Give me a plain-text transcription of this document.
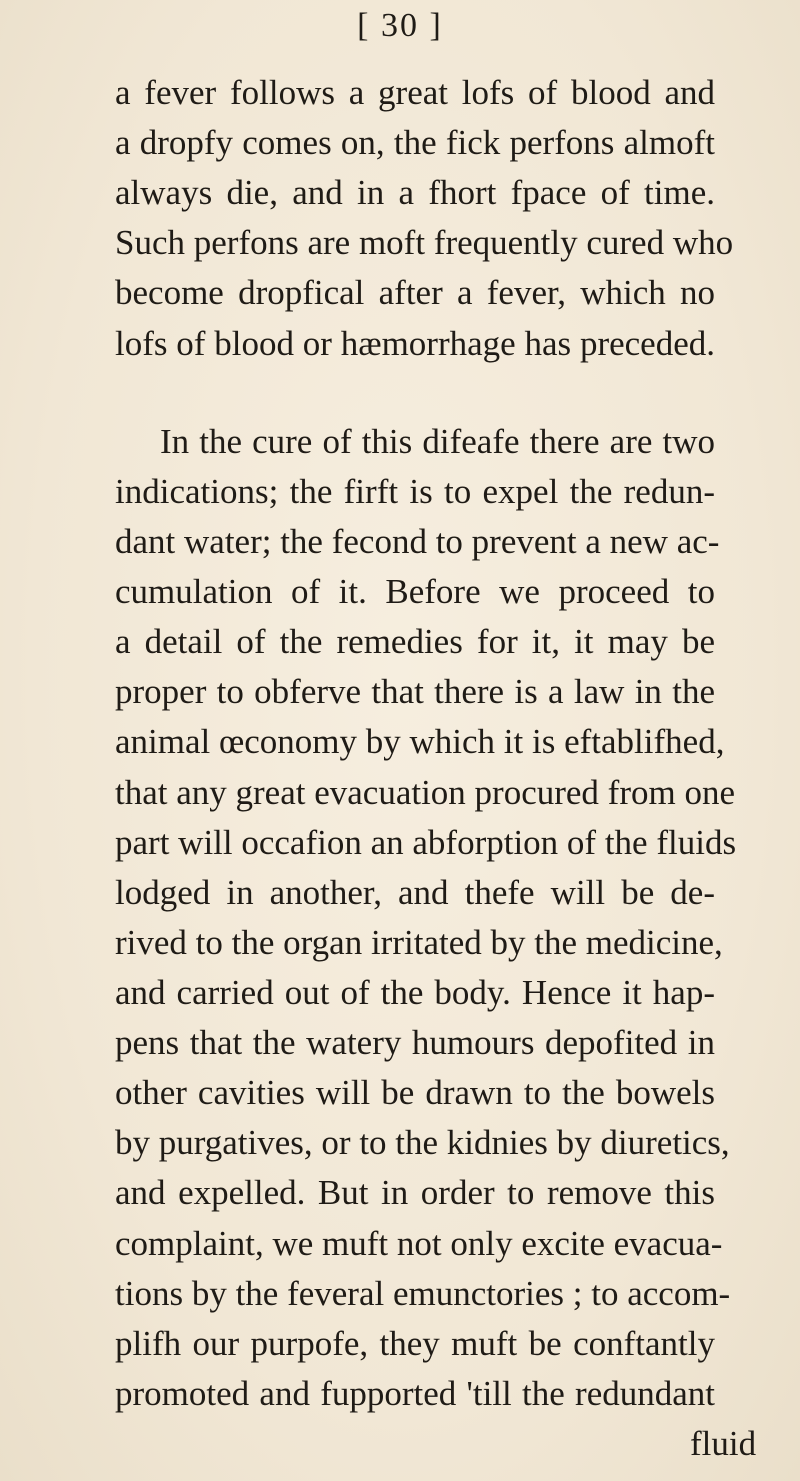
[ 30 ]
a fever follows a great lofs of blood and
a dropfy comes on, the fick perfons almoft
always die, and in a fhort fpace of time.
Such perfons are moft frequently cured who
become dropfical after a fever, which no
lofs of blood or hæmorrhage has preceded.
In the cure of this difeafe there are two
indications; the firft is to expel the redun-
dant water; the fecond to prevent a new ac-
cumulation of it. Before we proceed to
a detail of the remedies for it, it may be
proper to obferve that there is a law in the
animal œconomy by which it is eftablifhed,
that any great evacuation procured from one
part will occafion an abforption of the fluids
lodged in another, and thefe will be de-
rived to the organ irritated by the medicine,
and carried out of the body. Hence it hap-
pens that the watery humours depofited in
other cavities will be drawn to the bowels
by purgatives, or to the kidnies by diuretics,
and expelled. But in order to remove this
complaint, we muft not only excite evacua-
tions by the feveral emunctories ; to accom-
plifh our purpofe, they muft be conftantly
promoted and fupported 'till the redundant
fluid
